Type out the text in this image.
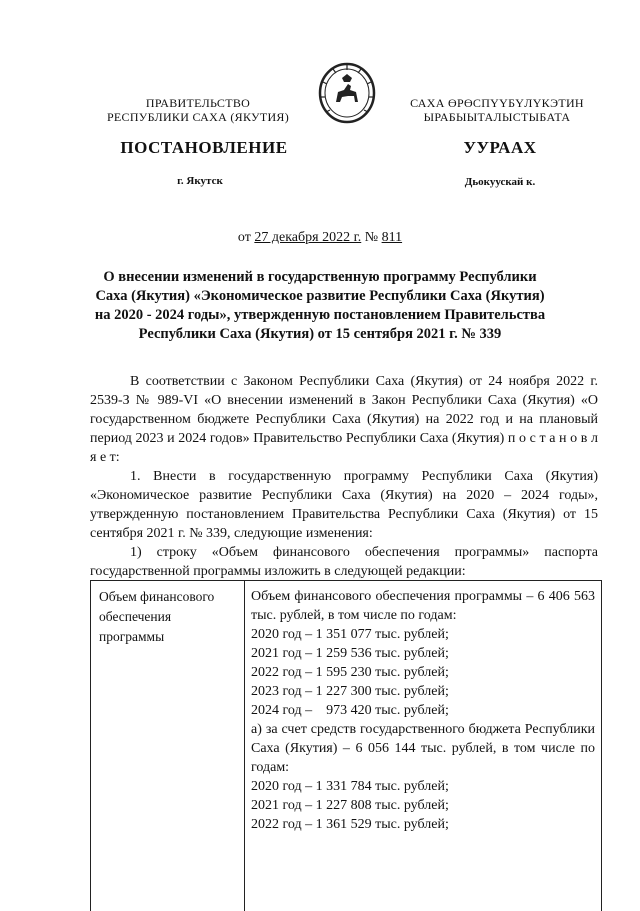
ПРАВИТЕЛЬСТВО
РЕСПУБЛИКИ САХА (ЯКУТИЯ)
САХА ӨРӨСПҮҮБҮЛҮКЭТИН
ЫРАБЫЫТАЛЫСТЫБАТА
ПОСТАНОВЛЕНИЕ	УУРААХ
г. Якутск	Дьокуускай к.
от 27 декабря 2022 г. № 811
О внесении изменений в государственную программу Республики Саха (Якутия) «Экономическое развитие Республики Саха (Якутия) на 2020 - 2024 годы», утвержденную постановлением Правительства Республики Саха (Якутия) от 15 сентября 2021 г. № 339

В соответствии с Законом Республики Саха (Якутия) от 24 ноября 2022 г. 2539-З № 989-VI «О внесении изменений в Закон Республики Саха (Якутия) «О государственном бюджете Республики Саха (Якутия) на 2022 год и на плановый период 2023 и 2024 годов» Правительство Республики Саха (Якутия) п о с т а н о в л я е т:

1. Внести в государственную программу Республики Саха (Якутия) «Экономическое развитие Республики Саха (Якутия) на 2020 – 2024 годы», утвержденную постановлением Правительства Республики Саха (Якутия) от 15 сентября 2021 г. № 339, следующие изменения:

1) строку «Объем финансового обеспечения программы» паспорта государственной программы изложить в следующей редакции:

Объем финансового обеспечения программы
Объем финансового обеспечения программы – 6 406 563 тыс. рублей, в том числе по годам:
2020 год – 1 351 077 тыс. рублей;
2021 год – 1 259 536 тыс. рублей;
2022 год – 1 595 230 тыс. рублей;
2023 год – 1 227 300 тыс. рублей;
2024 год –    973 420 тыс. рублей;
а) за счет средств государственного бюджета Республики Саха (Якутия) – 6 056 144 тыс. рублей, в том числе по годам:
2020 год – 1 331 784 тыс. рублей;
2021 год – 1 227 808 тыс. рублей;
2022 год – 1 361 529 тыс. рублей;
